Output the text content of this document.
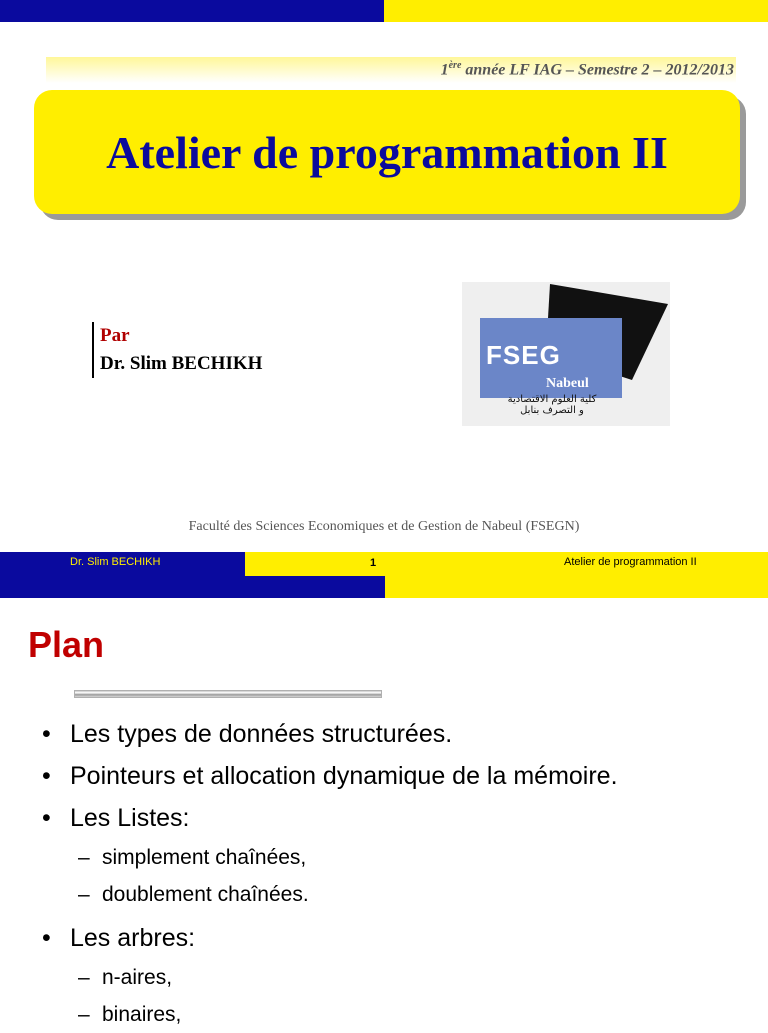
1ère année LF IAG – Semestre 2 – 2012/2013
Atelier de programmation II
Par
Dr. Slim BECHIKH	FSEG
Nabeul
كلية العلوم الاقتصادية
و التصرف بنابل
Faculté des Sciences Economiques et de Gestion de Nabeul (FSEGN)
Dr. Slim BECHIKH	1	Atelier de programmation II
Plan
• Les types de données structurées.
• Pointeurs et allocation dynamique de la mémoire.
• Les Listes:
– simplement chaînées,
– doublement chaînées.
• Les arbres:
– n-aires,
– binaires,
